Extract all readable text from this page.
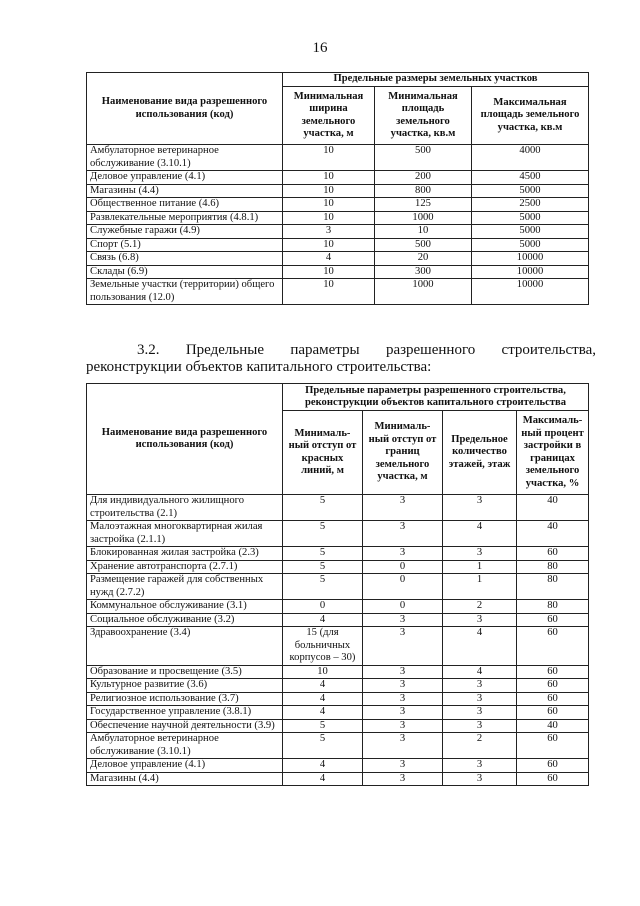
16
Наименование вида разрешенного использования (код)	Предельные размеры земельных участков		
	Минимальная ширина земельного участка, м	Минимальная площадь земельного участка, кв.м	Максимальная площадь земельного участка, кв.м
Амбулаторное ветеринарное обслуживание (3.10.1)	10	500	4000
Деловое управление (4.1)	10	200	4500
Магазины (4.4)	10	800	5000
Общественное питание (4.6)	10	125	2500
Развлекательные мероприятия (4.8.1)	10	1000	5000
Служебные гаражи (4.9)	3	10	5000
Спорт (5.1)	10	500	5000
Связь (6.8)	4	20	10000
Склады (6.9)	10	300	10000
Земельные участки (территории) общего пользования (12.0)	10	1000	10000
3.2. Предельные параметры разрешенного строительства,
реконструкции объектов капитального строительства:
Наименование вида разрешенного использования (код)	Предельные параметры разрешенного строительства, реконструкции объектов капитального строительства			
	Минималь-ный отступ от красных линий, м	Минималь-ный отступ от границ земельного участка, м	Предельное количество этажей, этаж	Максималь-ный процент застройки в границах земельного участка, %
Для индивидуального жилищного строительства (2.1)	5	3	3	40
Малоэтажная многоквартирная жилая застройка (2.1.1)	5	3	4	40
Блокированная жилая застройка (2.3)	5	3	3	60
Хранение автотранспорта (2.7.1)	5	0	1	80
Размещение гаражей для собственных нужд (2.7.2)	5	0	1	80
Коммунальное обслуживание (3.1)	0	0	2	80
Социальное обслуживание (3.2)	4	3	3	60
Здравоохранение (3.4)	15 (для больничных корпусов – 30)	3	4	60
Образование и просвещение (3.5)	10	3	4	60
Культурное развитие (3.6)	4	3	3	60
Религиозное использование (3.7)	4	3	3	60
Государственное управление (3.8.1)	4	3	3	60
Обеспечение научной деятельности (3.9)	5	3	3	40
Амбулаторное ветеринарное обслуживание (3.10.1)	5	3	2	60
Деловое управление (4.1)	4	3	3	60
Магазины (4.4)	4	3	3	60
